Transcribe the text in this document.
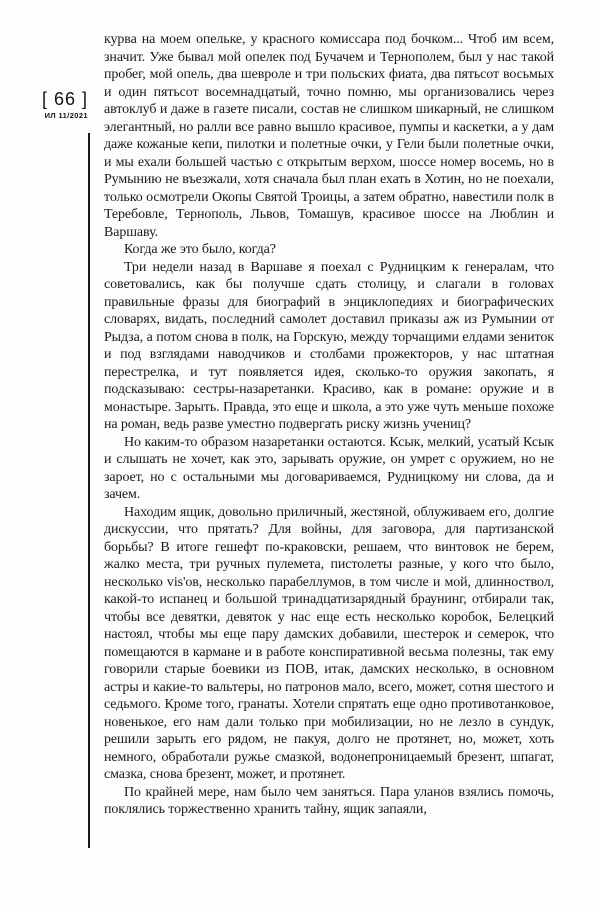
[ 66 ]
ИЛ 11/2021

курва на моем опельке, у красного комиссара под бочком... Чтоб им всем, значит. Уже бывал мой опелек под Бучачем и Тернополем, был у нас такой пробег, мой опель, два шевроле и три польских фиата, два пятьсот восьмых и один пятьсот восемнадцатый, точно помню, мы организовались через автоклуб и даже в газете писали, состав не слишком шикарный, не слишком элегантный, но ралли все равно вышло красивое, пумпы и каскетки, а у дам даже кожаные кепи, пилотки и полетные очки, у Гели были полетные очки, и мы ехали большей частью с открытым верхом, шоссе номер восемь, но в Румынию не въезжали, хотя сначала был план ехать в Хотин, но не поехали, только осмотрели Окопы Святой Троицы, а затем обратно, навестили полк в Теребовле, Тернополь, Львов, Томашув, красивое шоссе на Люблин и Варшаву.

Когда же это было, когда?

Три недели назад в Варшаве я поехал с Рудницким к генералам, что советовались, как бы получше сдать столицу, и слагали в головах правильные фразы для биографий в энциклопедиях и биографических словарях, видать, последний самолет доставил приказы аж из Румынии от Рыдза, а потом снова в полк, на Горскую, между торчащими елдами зениток и под взглядами наводчиков и столбами прожекторов, у нас штатная перестрелка, и тут появляется идея, сколько-то оружия закопать, я подсказываю: сестры-назаретанки. Красиво, как в романе: оружие и в монастыре. Зарыть. Правда, это еще и школа, а это уже чуть меньше похоже на роман, ведь разве уместно подвергать риску жизнь учениц?

Но каким-то образом назаретанки остаются. Ксык, мелкий, усатый Ксык и слышать не хочет, как это, зарывать оружие, он умрет с оружием, но не зароет, но с остальными мы договариваемся, Рудницкому ни слова, да и зачем.

Находим ящик, довольно приличный, жестяной, облуживаем его, долгие дискуссии, что прятать? Для войны, для заговора, для партизанской борьбы? В итоге гешефт по-краковски, решаем, что винтовок не берем, жалко места, три ручных пулемета, пистолеты разные, у кого что было, несколько vis'ов, несколько парабеллумов, в том числе и мой, длинноствол, какой-то испанец и большой тринадцатизарядный браунинг, отбирали так, чтобы все девятки, девяток у нас еще есть несколько коробок, Белецкий настоял, чтобы мы еще пару дамских добавили, шестерок и семерок, что помещаются в кармане и в работе конспиративной весьма полезны, так ему говорили старые боевики из ПОВ, итак, дамских несколько, в основном астры и какие-то вальтеры, но патронов мало, всего, может, сотня шестого и седьмого. Кроме того, гранаты. Хотели спрятать еще одно противотанковое, новенькое, его нам дали только при мобилизации, но не лезло в сундук, решили зарыть его рядом, не пакуя, долго не протянет, но, может, хоть немного, обработали ружье смазкой, водонепроницаемый брезент, шпагат, смазка, снова брезент, может, и протянет.

По крайней мере, нам было чем заняться. Пара уланов взялись помочь, поклялись торжественно хранить тайну, ящик запаяли,
